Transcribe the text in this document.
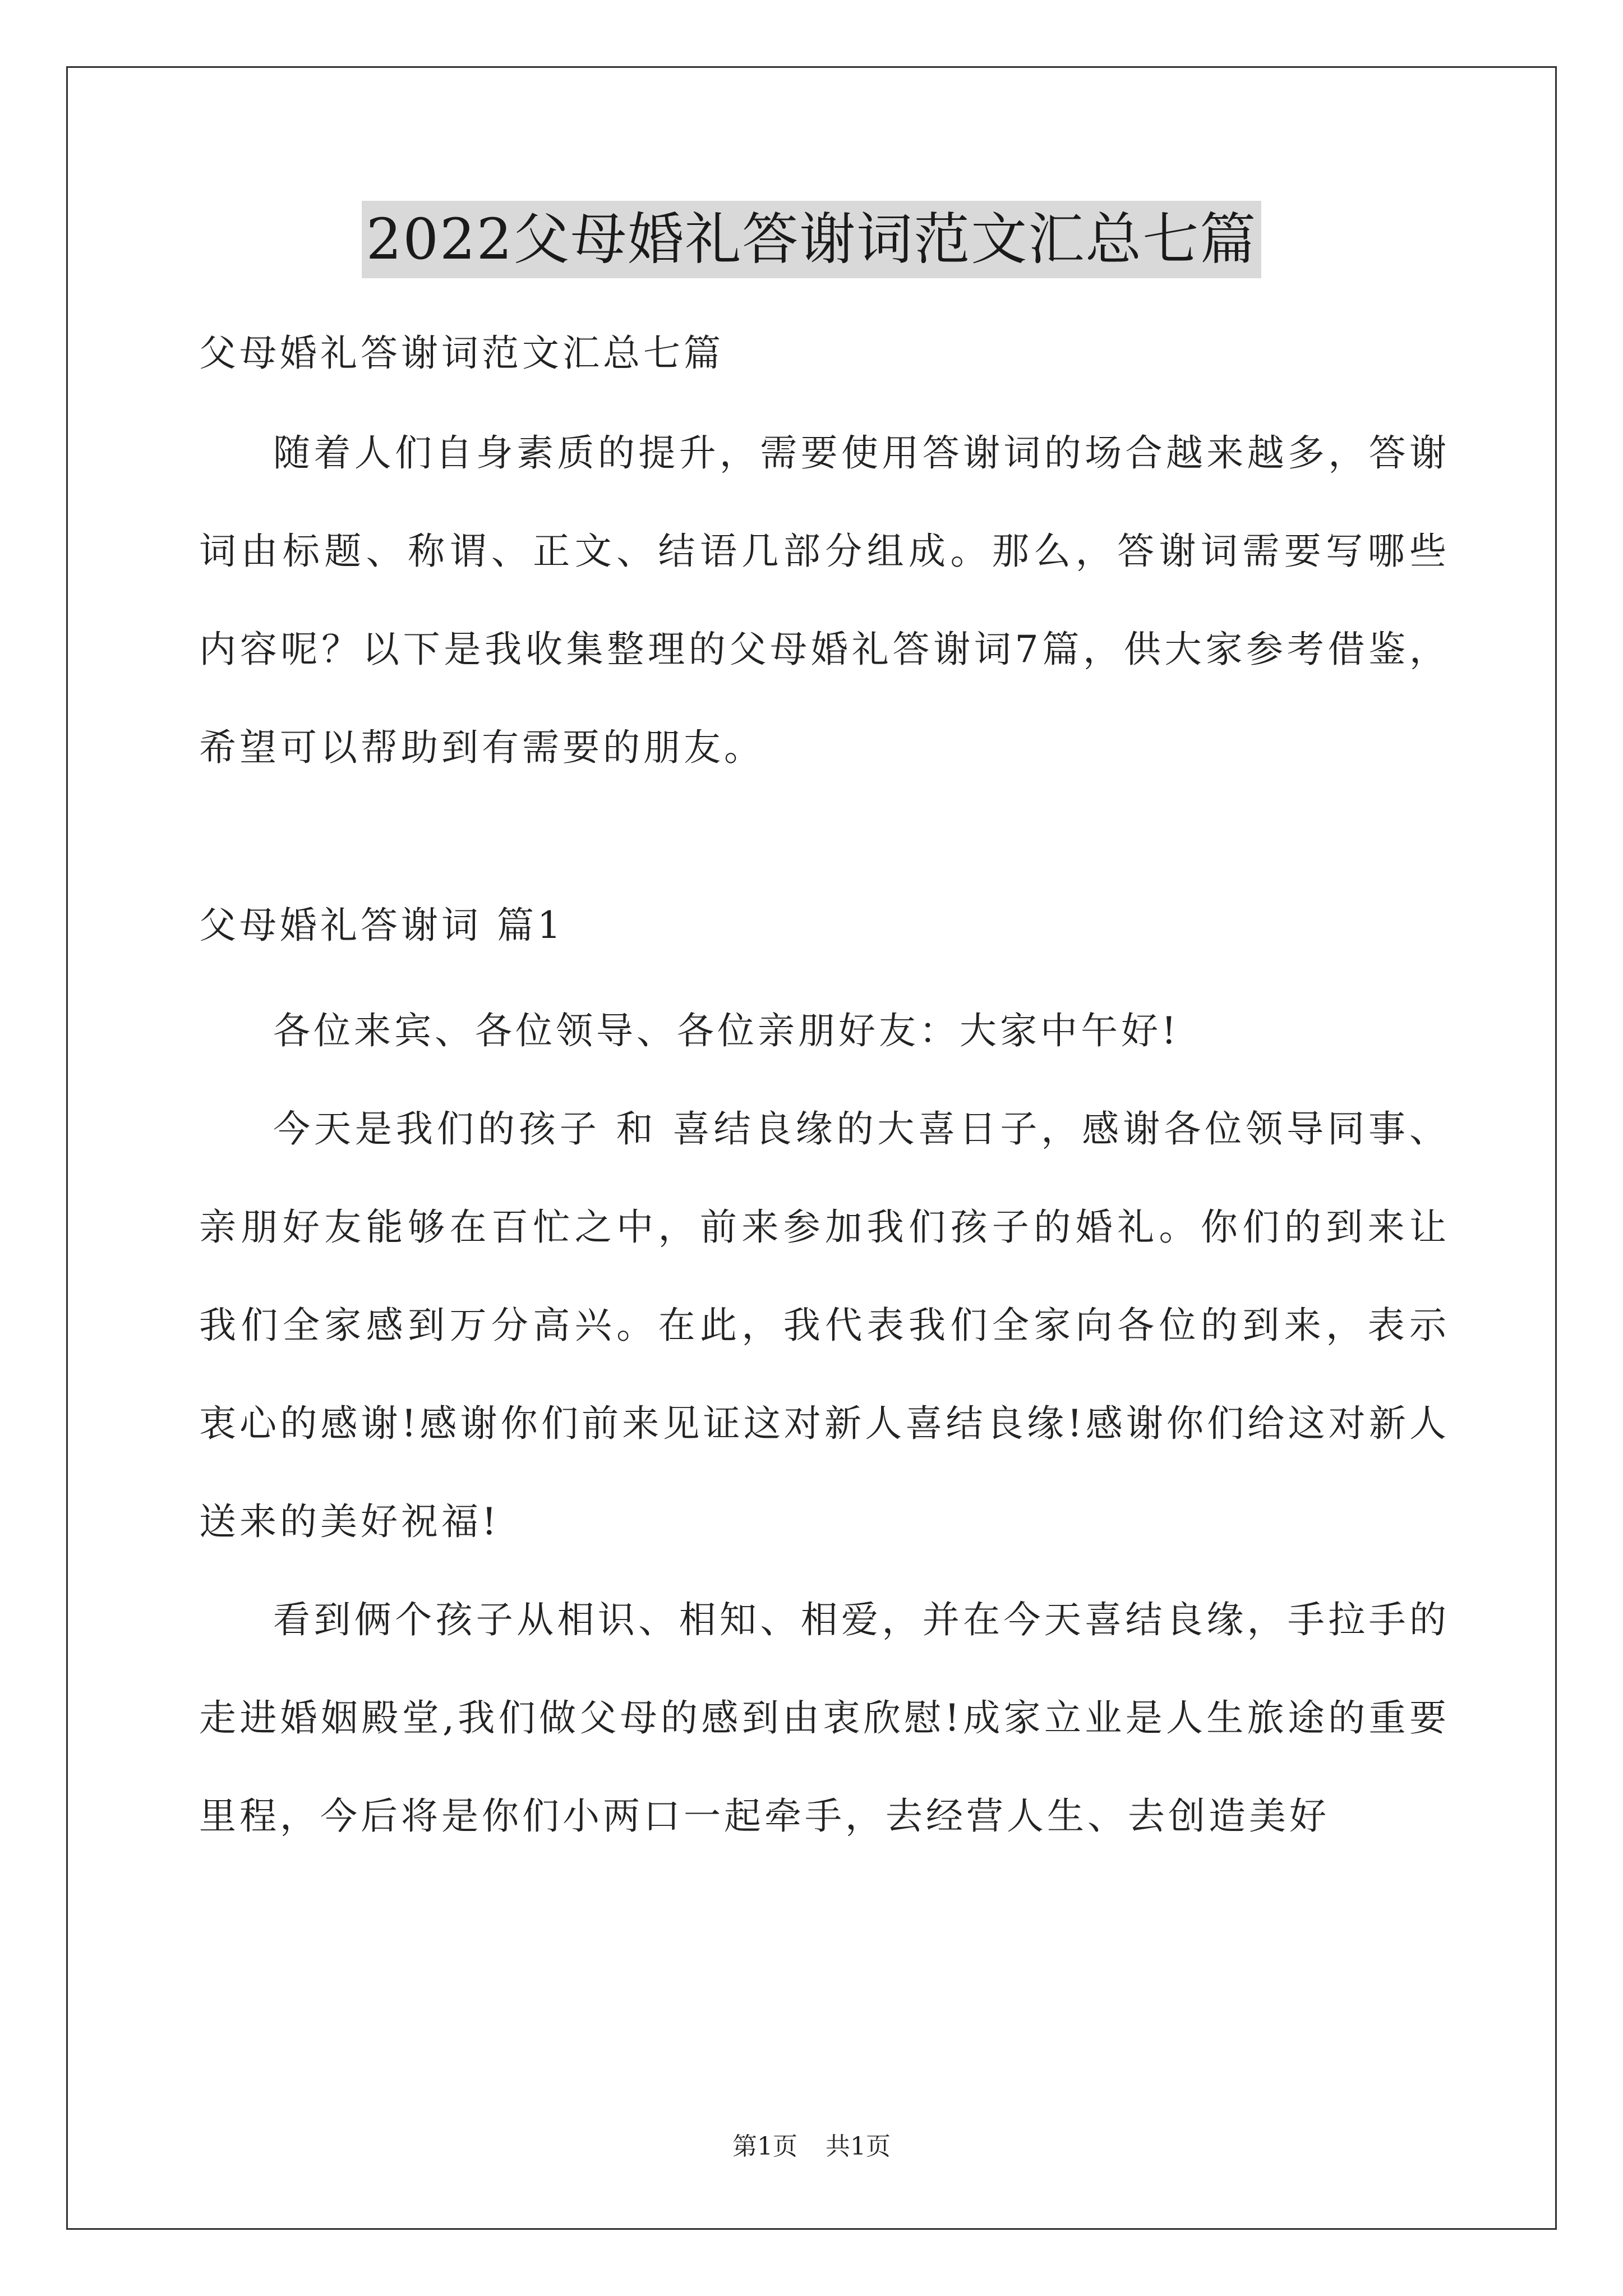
2022父母婚礼答谢词范文汇总七篇

父母婚礼答谢词范文汇总七篇

随着人们自身素质的提升，需要使用答谢词的场合越来越多，答谢词由标题、称谓、正文、结语几部分组成。那么，答谢词需要写哪些内容呢？以下是我收集整理的父母婚礼答谢词7篇，供大家参考借鉴，希望可以帮助到有需要的朋友。

父母婚礼答谢词 篇1

各位来宾、各位领导、各位亲朋好友：大家中午好!

今天是我们的孩子 和 喜结良缘的大喜日子，感谢各位领导同事、亲朋好友能够在百忙之中，前来参加我们孩子的婚礼。你们的到来让我们全家感到万分高兴。在此，我代表我们全家向各位的到来，表示衷心的感谢!感谢你们前来见证这对新人喜结良缘!感谢你们给这对新人送来的美好祝福!

看到俩个孩子从相识、相知、相爱，并在今天喜结良缘，手拉手的走进婚姻殿堂,我们做父母的感到由衷欣慰!成家立业是人生旅途的重要里程，今后将是你们小两口一起牵手，去经营人生、去创造美好

第1页 共1页
